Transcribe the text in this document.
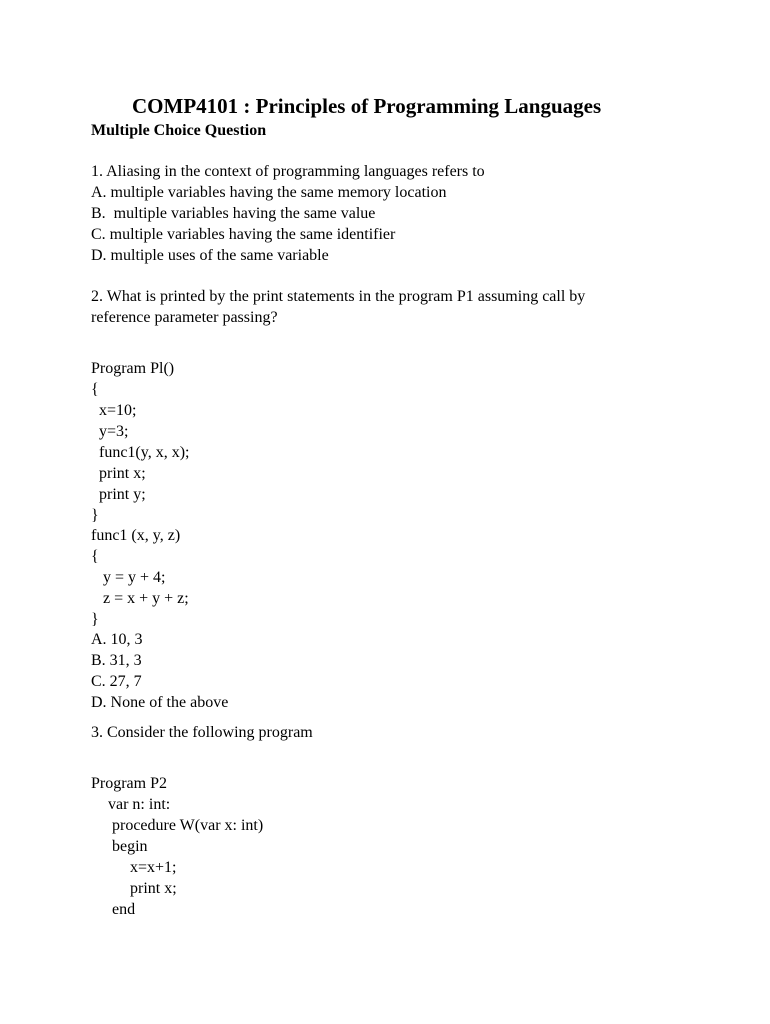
COMP4101 : Principles of Programming Languages
Multiple Choice Question

1. Aliasing in the context of programming languages refers to

A. multiple variables having the same memory location

B.  multiple variables having the same value

C. multiple variables having the same identifier

D. multiple uses of the same variable

2. What is printed by the print statements in the program P1 assuming call by

reference parameter passing?

Program Pl()

{

x=10;

y=3;

func1(y, x, x);

print x;

print y;

}

func1 (x, y, z)

{

y = y + 4;

z = x + y + z;

}

A. 10, 3

B. 31, 3

C. 27, 7

D. None of the above

3. Consider the following program

Program P2

var n: int:

procedure W(var x: int)

begin

x=x+1;

print x;

end
